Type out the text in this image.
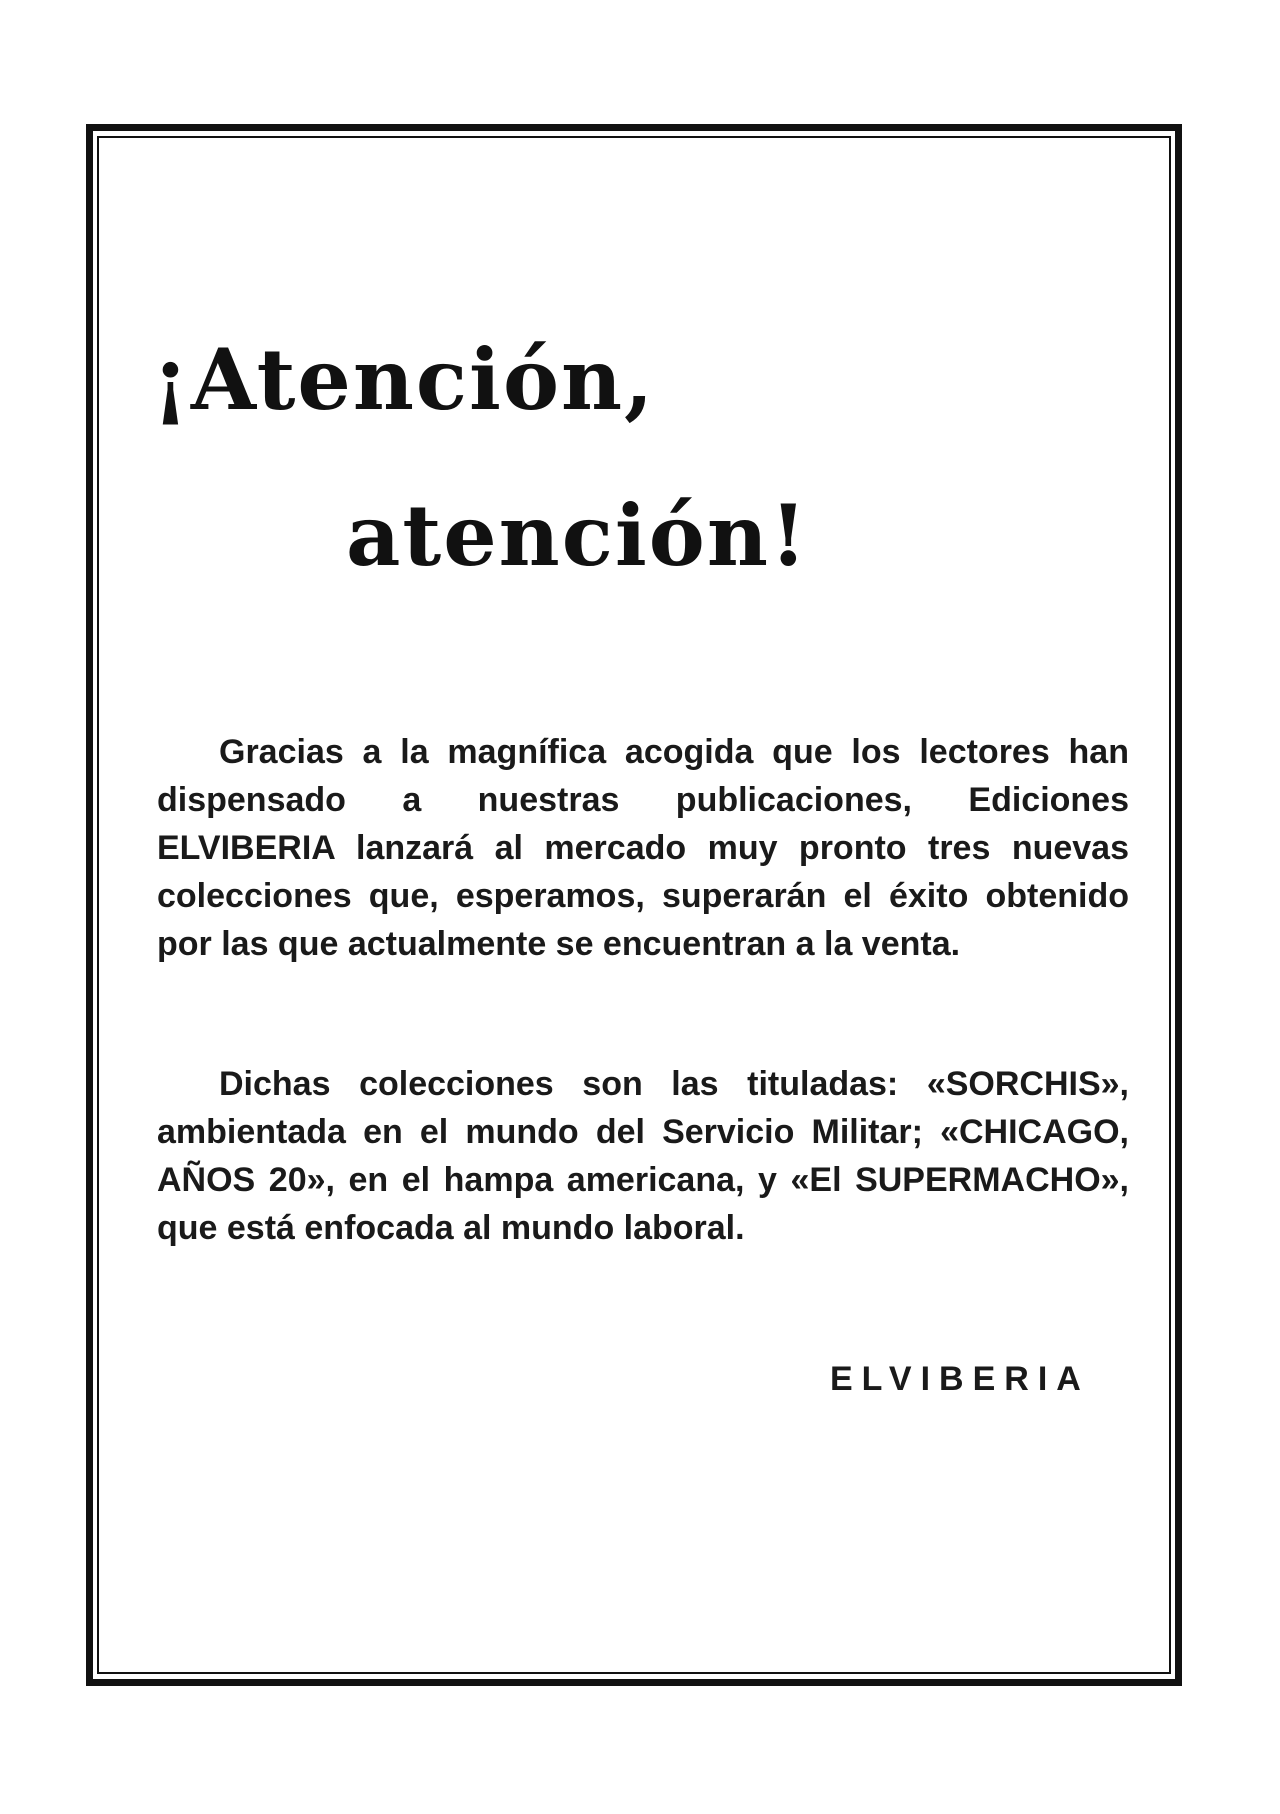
¡Atención,
atención!

Gracias a la magnífica acogida que los lectores han dispensado a nuestras publicaciones, Ediciones ELVIBERIA lanzará al mercado muy pronto tres nuevas colecciones que, esperamos, superarán el éxito obtenido por las que actualmente se encuentran a la venta.

Dichas colecciones son las tituladas: «SORCHIS», ambientada en el mundo del Servicio Militar; «CHICAGO, AÑOS 20», en el hampa americana, y «El SUPERMACHO», que está enfocada al mundo laboral.

ELVIBERIA
